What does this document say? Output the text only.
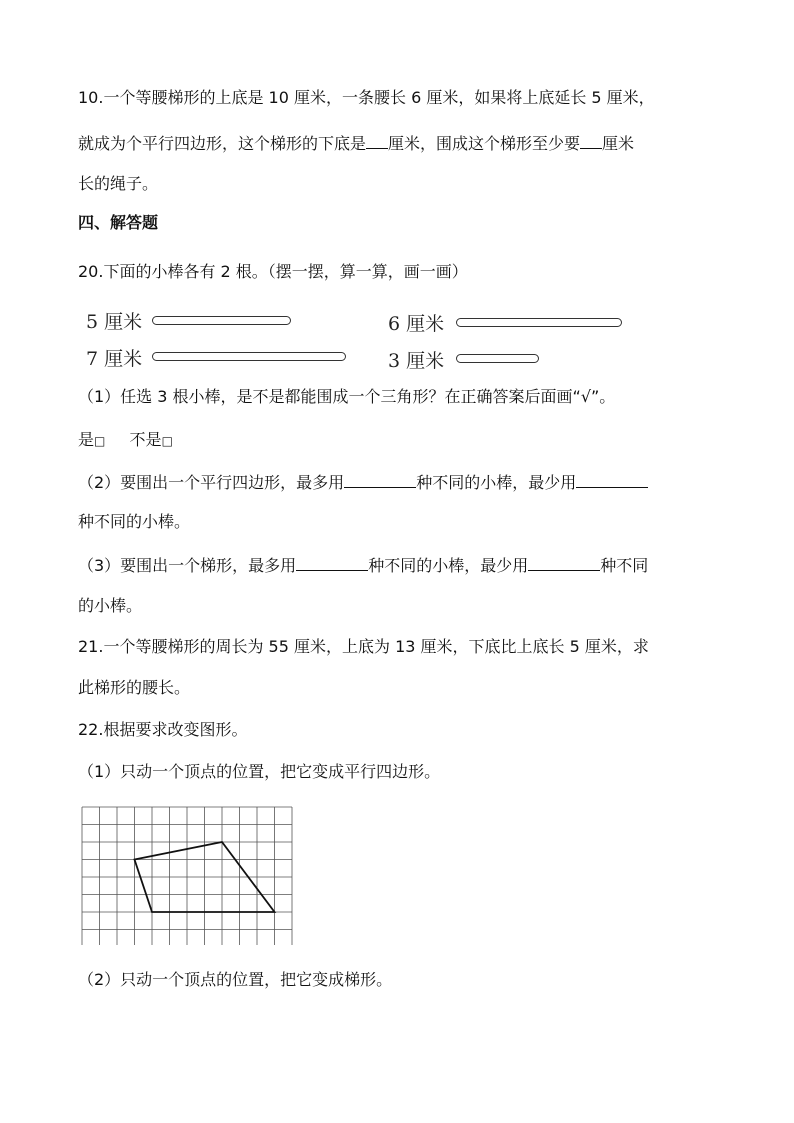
10.一个等腰梯形的上底是 10 厘米，一条腰长 6 厘米，如果将上底延长 5 厘米，
就成为个平行四边形，这个梯形的下底是 厘米，围成这个梯形至少要 厘米
长的绳子。
四、解答题
20.下面的小棒各有 2 根。（摆一摆，算一算，画一画）
5 厘米	6 厘米
7 厘米	3 厘米
（1）任选 3 根小棒，是不是都能围成一个三角形？在正确答案后面画“√”。
是□ 不是□
（2）要围出一个平行四边形，最多用	种不同的小棒，最少用
种不同的小棒。
（3）要围出一个梯形，最多用	种不同的小棒，最少用	种不同
的小棒。
21.一个等腰梯形的周长为 55 厘米，上底为 13 厘米，下底比上底长 5 厘米，求
此梯形的腰长。
22.根据要求改变图形。
（1）只动一个顶点的位置，把它变成平行四边形。
（2）只动一个顶点的位置，把它变成梯形。
